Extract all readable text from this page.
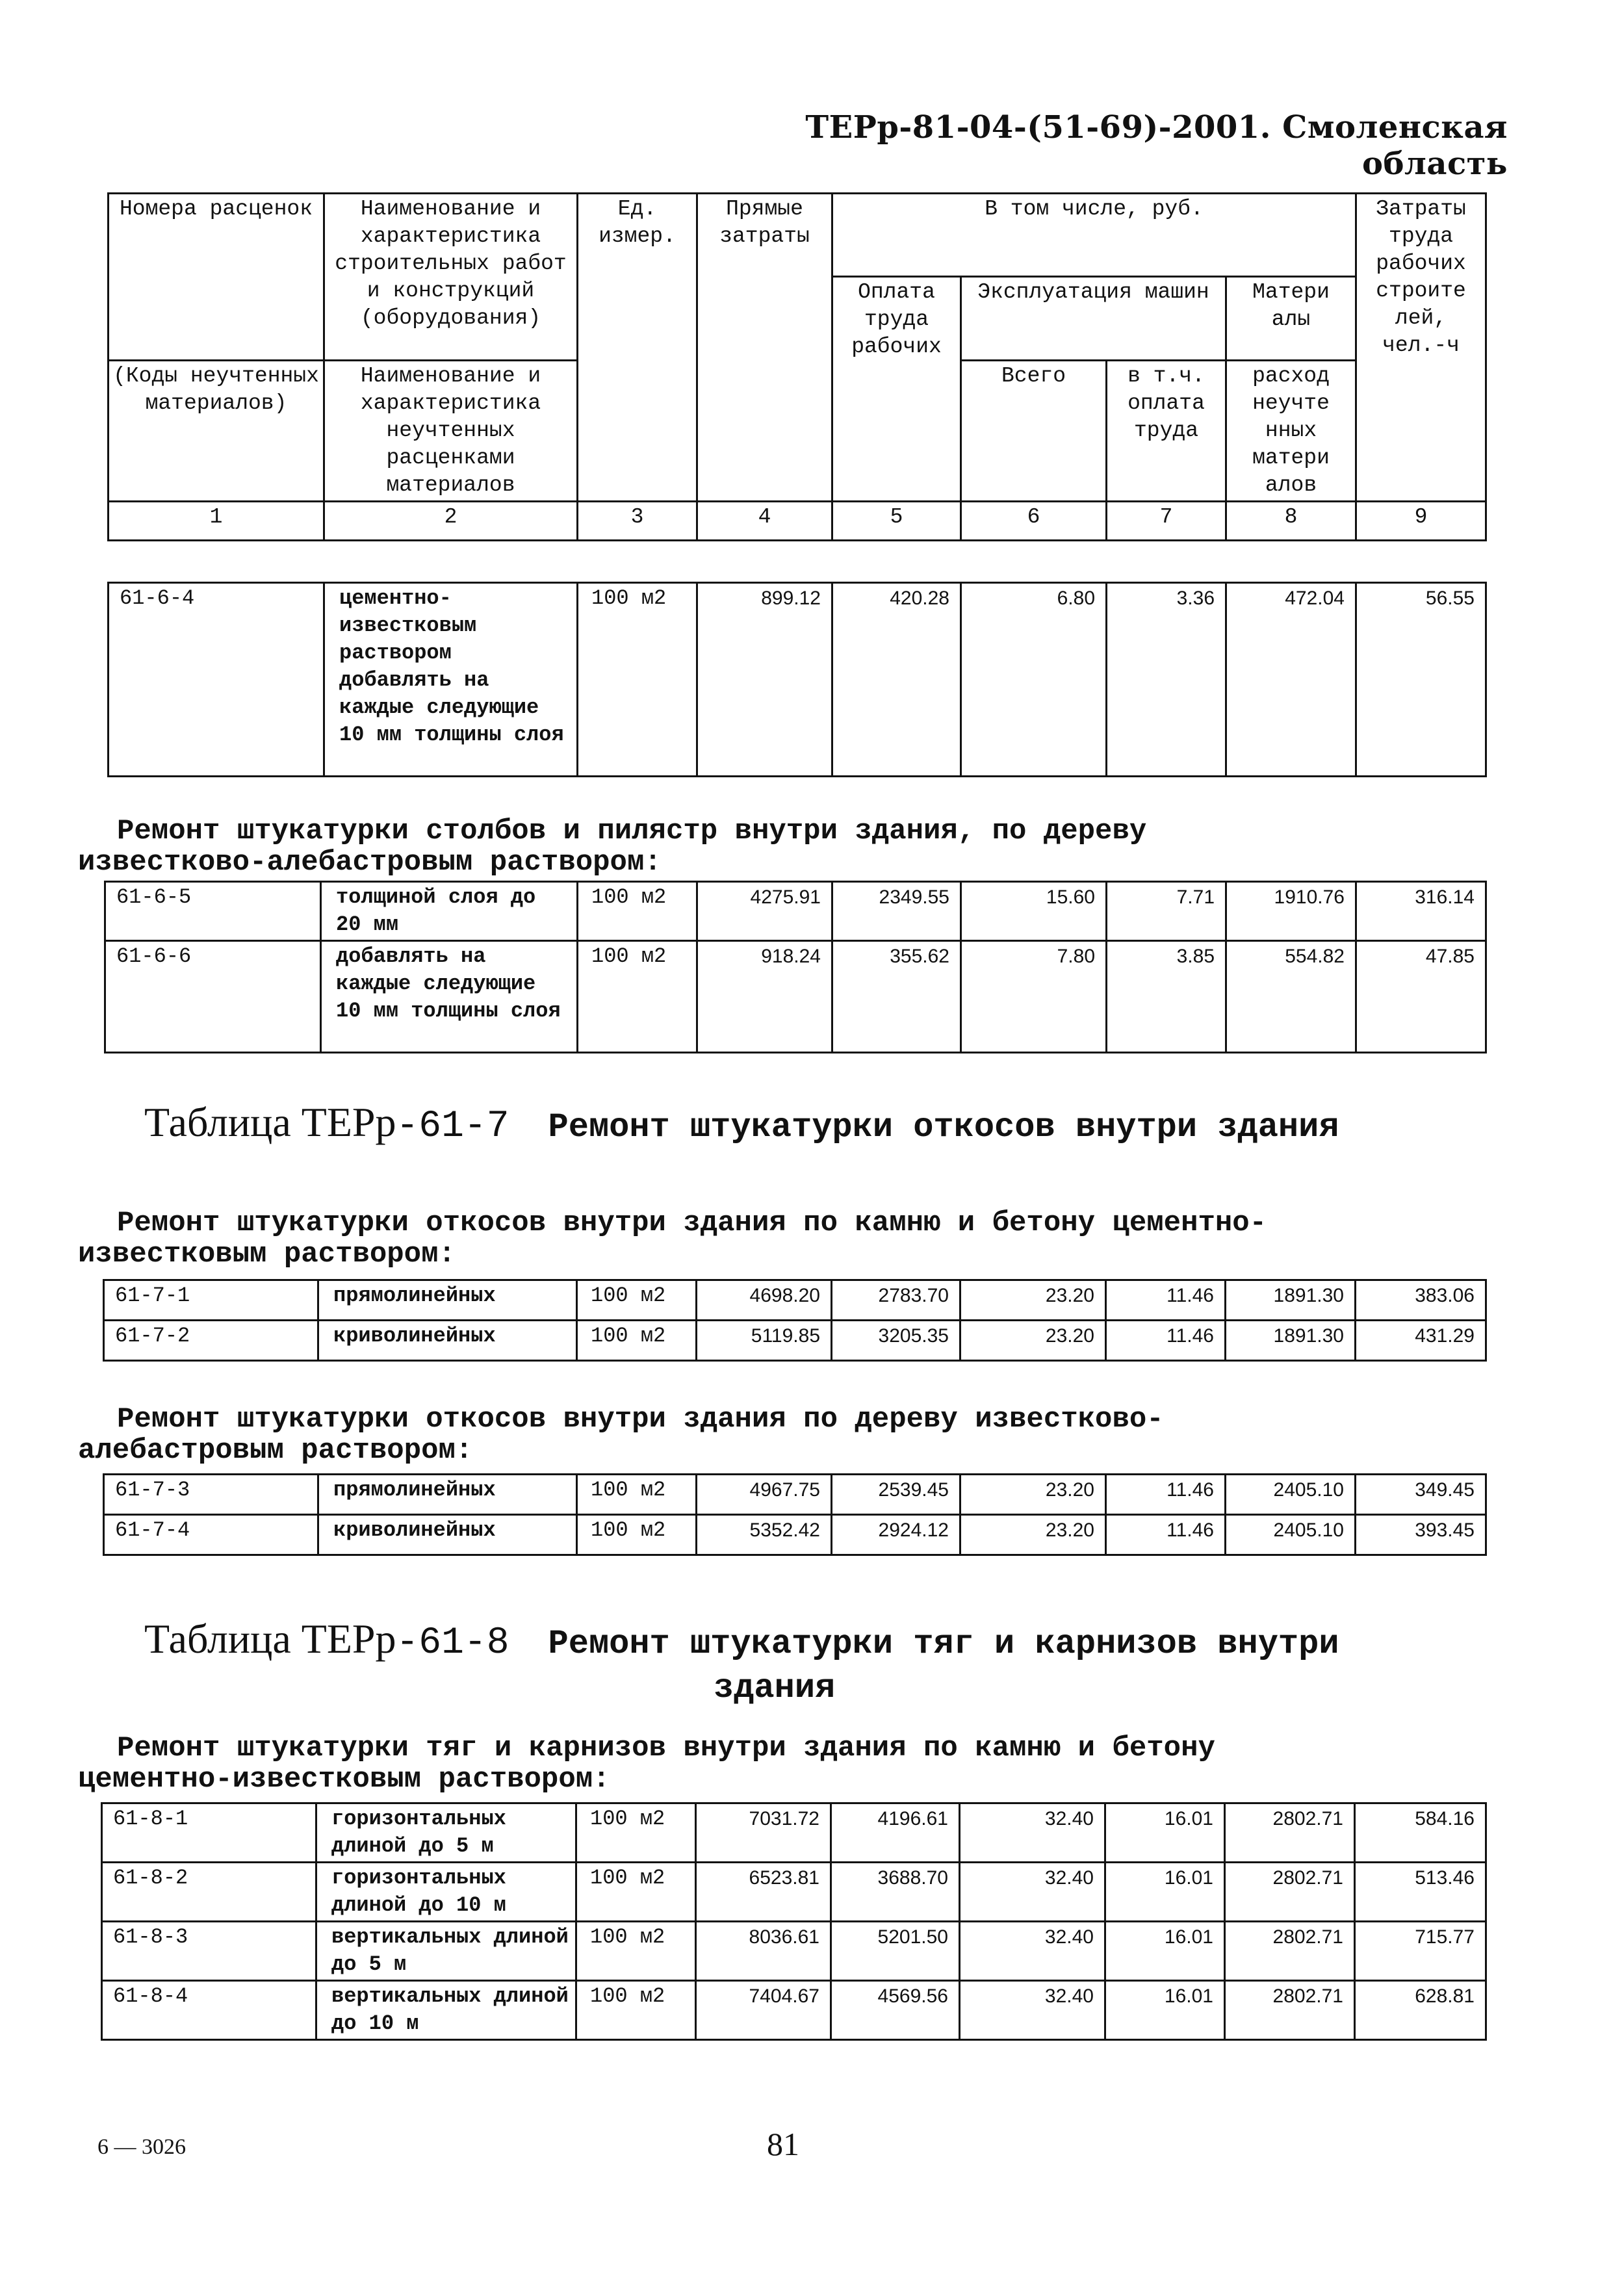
ТЕРр-81-04-(51-69)-2001. Смоленская область
Номера расценок	Наименование и характеристика строительных работ и конструкций (оборудования)	Ед. измер.	Прямые затраты	В том числе, руб.				Затраты труда рабочих строите лей, чел.-ч
				Оплата труда рабочих	Эксплуатация машин		Матери алы	
(Коды неучтенных материалов)	Наименование и характеристика неучтенных расценками материалов				Всего	в т.ч. оплата труда	расход неучте нных матери алов	
1	2	3	4	5	6	7	8	9
61-6-4	цементно-известковым раствором добавлять на каждые следующие 10 мм толщины слоя	100 м2	899.12	420.28	6.80	3.36	472.04	56.55
Ремонт штукатурки столбов и пилястр внутри здания, по дереву
известково-алебастровым раствором:
61-6-5	толщиной слоя до 20 мм	100 м2	4275.91	2349.55	15.60	7.71	1910.76	316.14
61-6-6	добавлять на каждые следующие 10 мм толщины слоя	100 м2	918.24	355.62	7.80	3.85	554.82	47.85
Таблица ТЕРр-61-7 Ремонт штукатурки откосов внутри здания
Ремонт штукатурки откосов внутри здания по камню и бетону цементно-
известковым раствором:
61-7-1	прямолинейных	100 м2	4698.20	2783.70	23.20	11.46	1891.30	383.06
61-7-2	криволинейных	100 м2	5119.85	3205.35	23.20	11.46	1891.30	431.29
Ремонт штукатурки откосов внутри здания по дереву известково-
алебастровым раствором:
61-7-3	прямолинейных	100 м2	4967.75	2539.45	23.20	11.46	2405.10	349.45
61-7-4	криволинейных	100 м2	5352.42	2924.12	23.20	11.46	2405.10	393.45
Таблица ТЕРр-61-8 Ремонт штукатурки тяг и карнизов внутри
здания
Ремонт штукатурки тяг и карнизов внутри здания по камню и бетону
цементно-известковым раствором:
61-8-1	горизонтальных длиной до 5 м	100 м2	7031.72	4196.61	32.40	16.01	2802.71	584.16
61-8-2	горизонтальных длиной до 10 м	100 м2	6523.81	3688.70	32.40	16.01	2802.71	513.46
61-8-3	вертикальных длиной до 5 м	100 м2	8036.61	5201.50	32.40	16.01	2802.71	715.77
61-8-4	вертикальных длиной до 10 м	100 м2	7404.67	4569.56	32.40	16.01	2802.71	628.81
6 — 3026	81
